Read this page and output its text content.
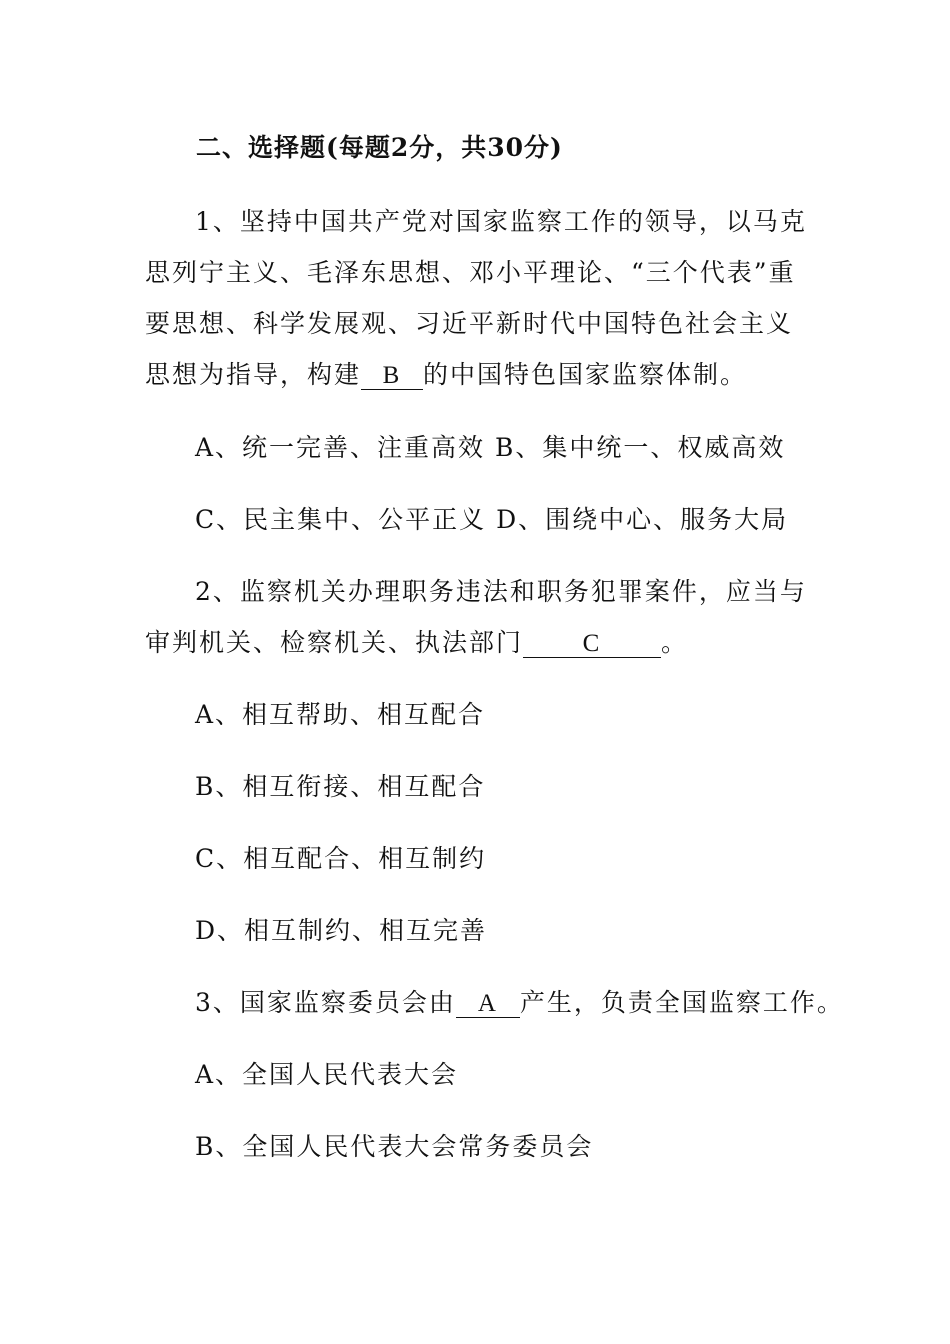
二、选择题(每题2分，共30分)
1、坚持中国共产党对国家监察工作的领导，以马克思列宁主义、毛泽东思想、邓小平理论、“三个代表”重要思想、科学发展观、习近平新时代中国特色社会主义思想为指导，构建 B 的中国特色国家监察体制。
A、统一完善、注重高效 B、集中统一、权威高效
C、民主集中、公平正义 D、围绕中心、服务大局
2、监察机关办理职务违法和职务犯罪案件，应当与审判机关、检察机关、执法部门 C 。
A、相互帮助、相互配合
B、相互衔接、相互配合
C、相互配合、相互制约
D、相互制约、相互完善
3、国家监察委员会由 A 产生，负责全国监察工作。
A、全国人民代表大会
B、全国人民代表大会常务委员会
